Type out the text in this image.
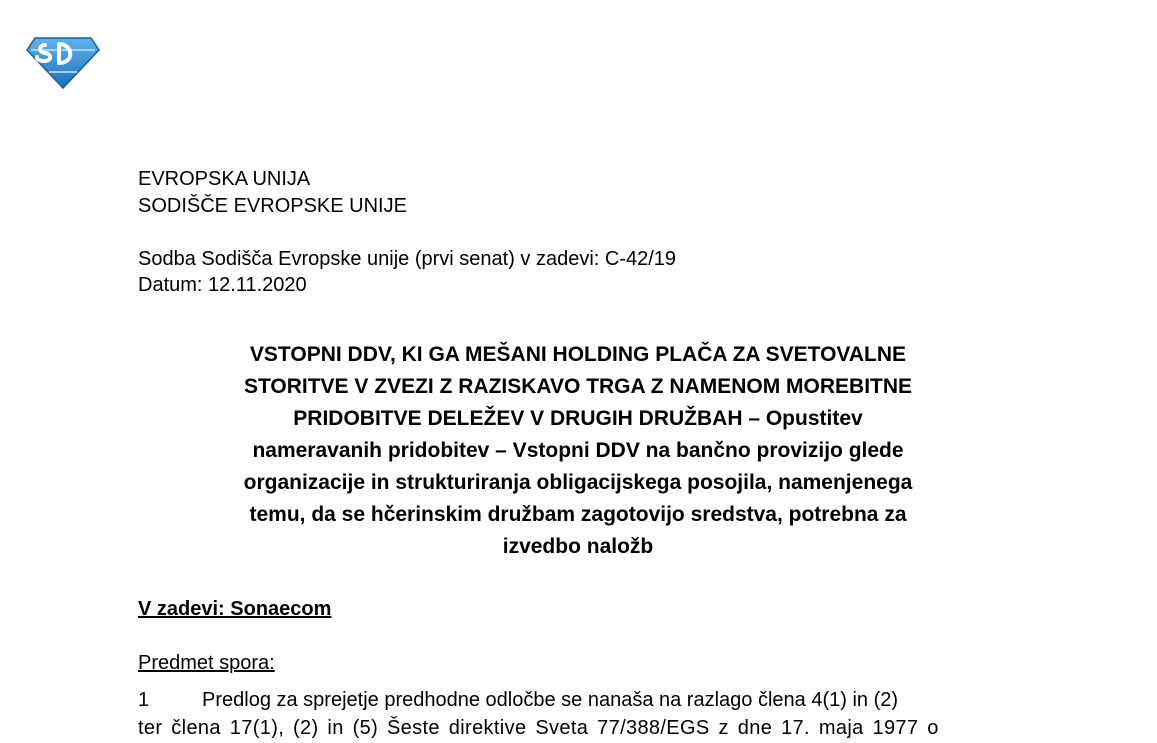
EVROPSKA UNIJA
SODIŠČE EVROPSKE UNIJE
Sodba Sodišča Evropske unije (prvi senat) v zadevi: C-42/19
Datum: 12.11.2020
VSTOPNI DDV, KI GA MEŠANI HOLDING PLAČA ZA SVETOVALNE
STORITVE V ZVEZI Z RAZISKAVO TRGA Z NAMENOM MOREBITNE
PRIDOBITVE DELEŽEV V DRUGIH DRUŽBAH – Opustitev
nameravanih pridobitev – Vstopni DDV na bančno provizijo glede
organizacije in strukturiranja obligacijskega posojila, namenjenega
temu, da se hčerinskim družbam zagotovijo sredstva, potrebna za
izvedbo naložb
V zadevi: Sonaecom
Predmet spora:
1	Predlog za sprejetje predhodne odločbe se nanaša na razlago člena 4(1) in (2)
ter člena 17(1), (2) in (5) Šeste direktive Sveta 77/388/EGS z dne 17. maja 1977 o
